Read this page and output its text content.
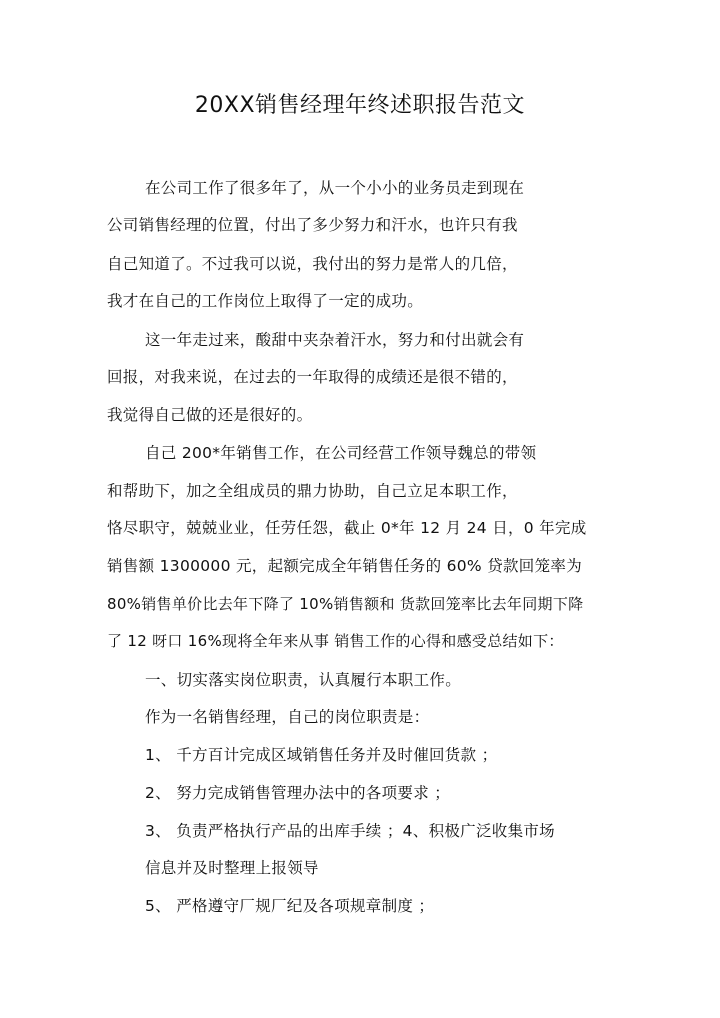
20XX销售经理年终述职报告范文
在公司工作了很多年了，从一个小小的业务员走到现在
公司销售经理的位置，付出了多少努力和汗水，也许只有我
自己知道了。不过我可以说，我付出的努力是常人的几倍，
我才在自己的工作岗位上取得了一定的成功。
这一年走过来，酸甜中夹杂着汗水，努力和付出就会有
回报，对我来说，在过去的一年取得的成绩还是很不错的，
我觉得自己做的还是很好的。
自己 200*年销售工作，在公司经营工作领导魏总的带领
和帮助下，加之全组成员的鼎力协助，自己立足本职工作，
恪尽职守，兢兢业业，任劳任怨，截止 0*年 12 月 24 日，0 年完成
销售额 1300000 元，起额完成全年销售任务的 60% 贷款回笼率为
80%销售单价比去年下降了 10%销售额和 货款回笼率比去年同期下降
了 12 呀口 16%现将全年来从事 销售工作的心得和感受总结如下：
一、切实落实岗位职责，认真履行本职工作。
作为一名销售经理，自己的岗位职责是：
1、 千方百计完成区域销售任务并及时催回货款 ；
2、 努力完成销售管理办法中的各项要求 ；
3、 负责严格执行产品的出库手续 ；4、积极广泛收集市场
信息并及时整理上报领导
5、 严格遵守厂规厂纪及各项规章制度 ；
